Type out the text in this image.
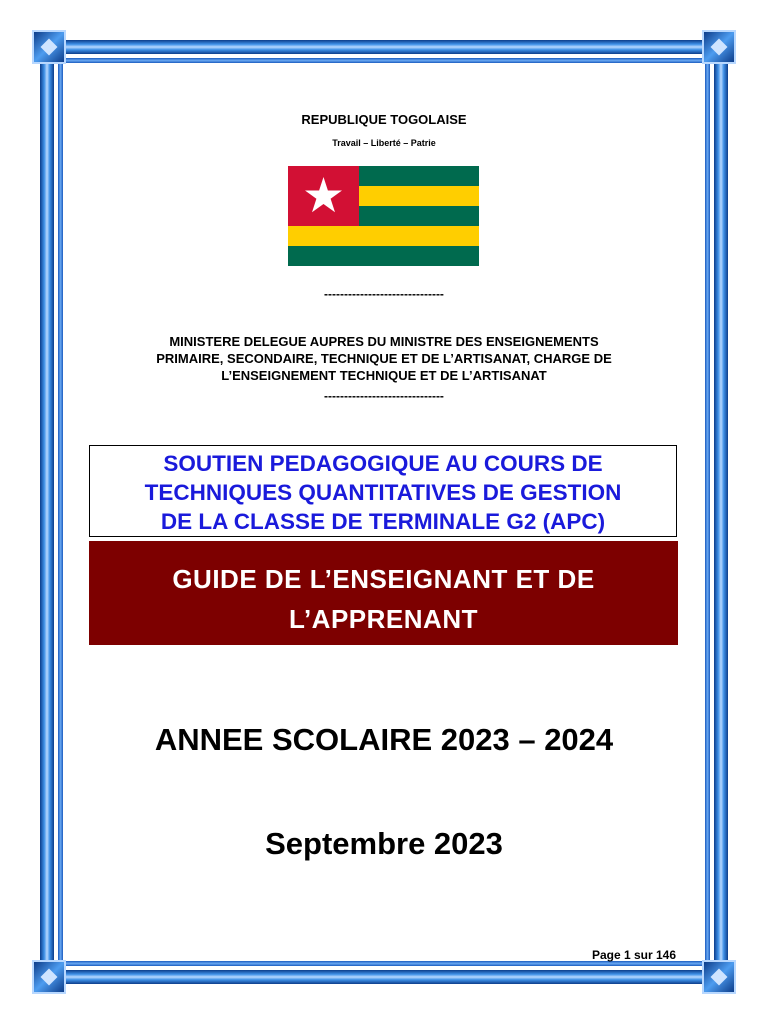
REPUBLIQUE TOGOLAISE
Travail – Liberté – Patrie
------------------------------
MINISTERE DELEGUE AUPRES DU MINISTRE DES ENSEIGNEMENTS
PRIMAIRE, SECONDAIRE, TECHNIQUE ET DE L’ARTISANAT, CHARGE DE
L’ENSEIGNEMENT TECHNIQUE ET DE L’ARTISANAT
------------------------------
SOUTIEN PEDAGOGIQUE AU COURS DE
TECHNIQUES QUANTITATIVES DE GESTION
DE LA CLASSE DE TERMINALE G2 (APC)
GUIDE DE L’ENSEIGNANT ET DE
L’APPRENANT
ANNEE SCOLAIRE 2023 – 2024
Septembre 2023
Page 1 sur 146
